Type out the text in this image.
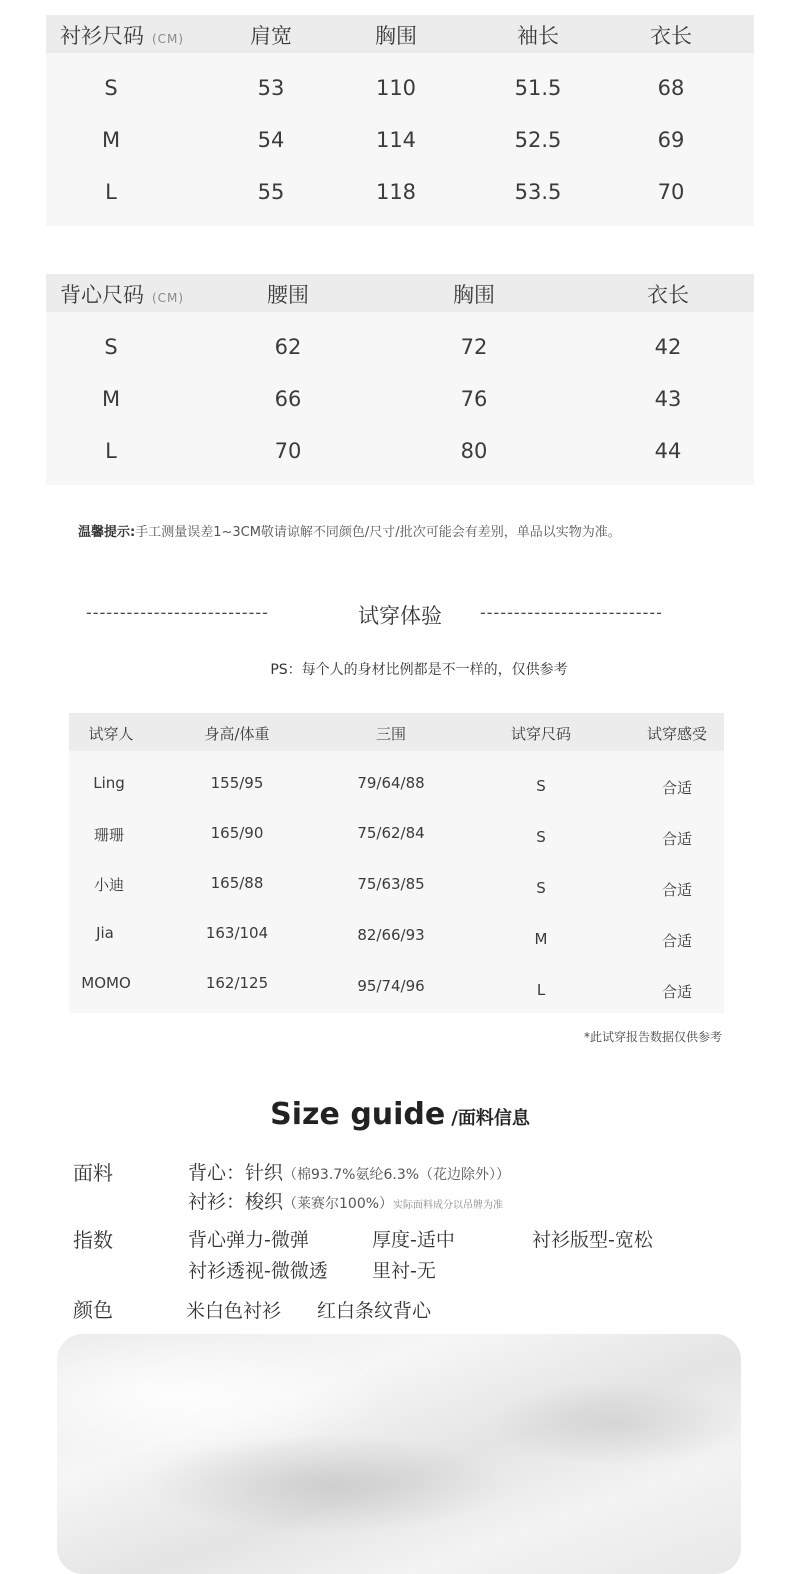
衬衫尺码 (CM)	肩宽	胸围	袖长	衣长
S	53	110	51.5	68
M	54	114	52.5	69
L	55	118	53.5	70
背心尺码 (CM)	腰围	胸围	衣长
S	62	72	42
M	66	76	43
L	70	80	44
温馨提示:手工测量误差1~3CM敬请谅解不同颜色/尺寸/批次可能会有差别，单品以实物为准。
---------------------------	试穿体验	---------------------------
PS：每个人的身材比例都是不一样的，仅供参考
试穿人	身高/体重	三围	试穿尺码	试穿感受
Ling	155/95	79/64/88	S	合适
珊珊	165/90	75/62/84	S	合适
小迪	165/88	75/63/85	S	合适
Jia	163/104	82/66/93	M	合适
MOMO	162/125	95/74/96	L	合适
*此试穿报告数据仅供参考
Size guide /面料信息
面料	背心：针织（棉93.7%氨纶6.3%（花边除外））
衬衫：梭织（莱赛尔100%）实际面料成分以吊牌为准
指数	背心弹力-微弹	厚度-适中	衬衫版型-宽松
衬衫透视-微微透 里衬-无
颜色	米白色衬衫 红白条纹背心
